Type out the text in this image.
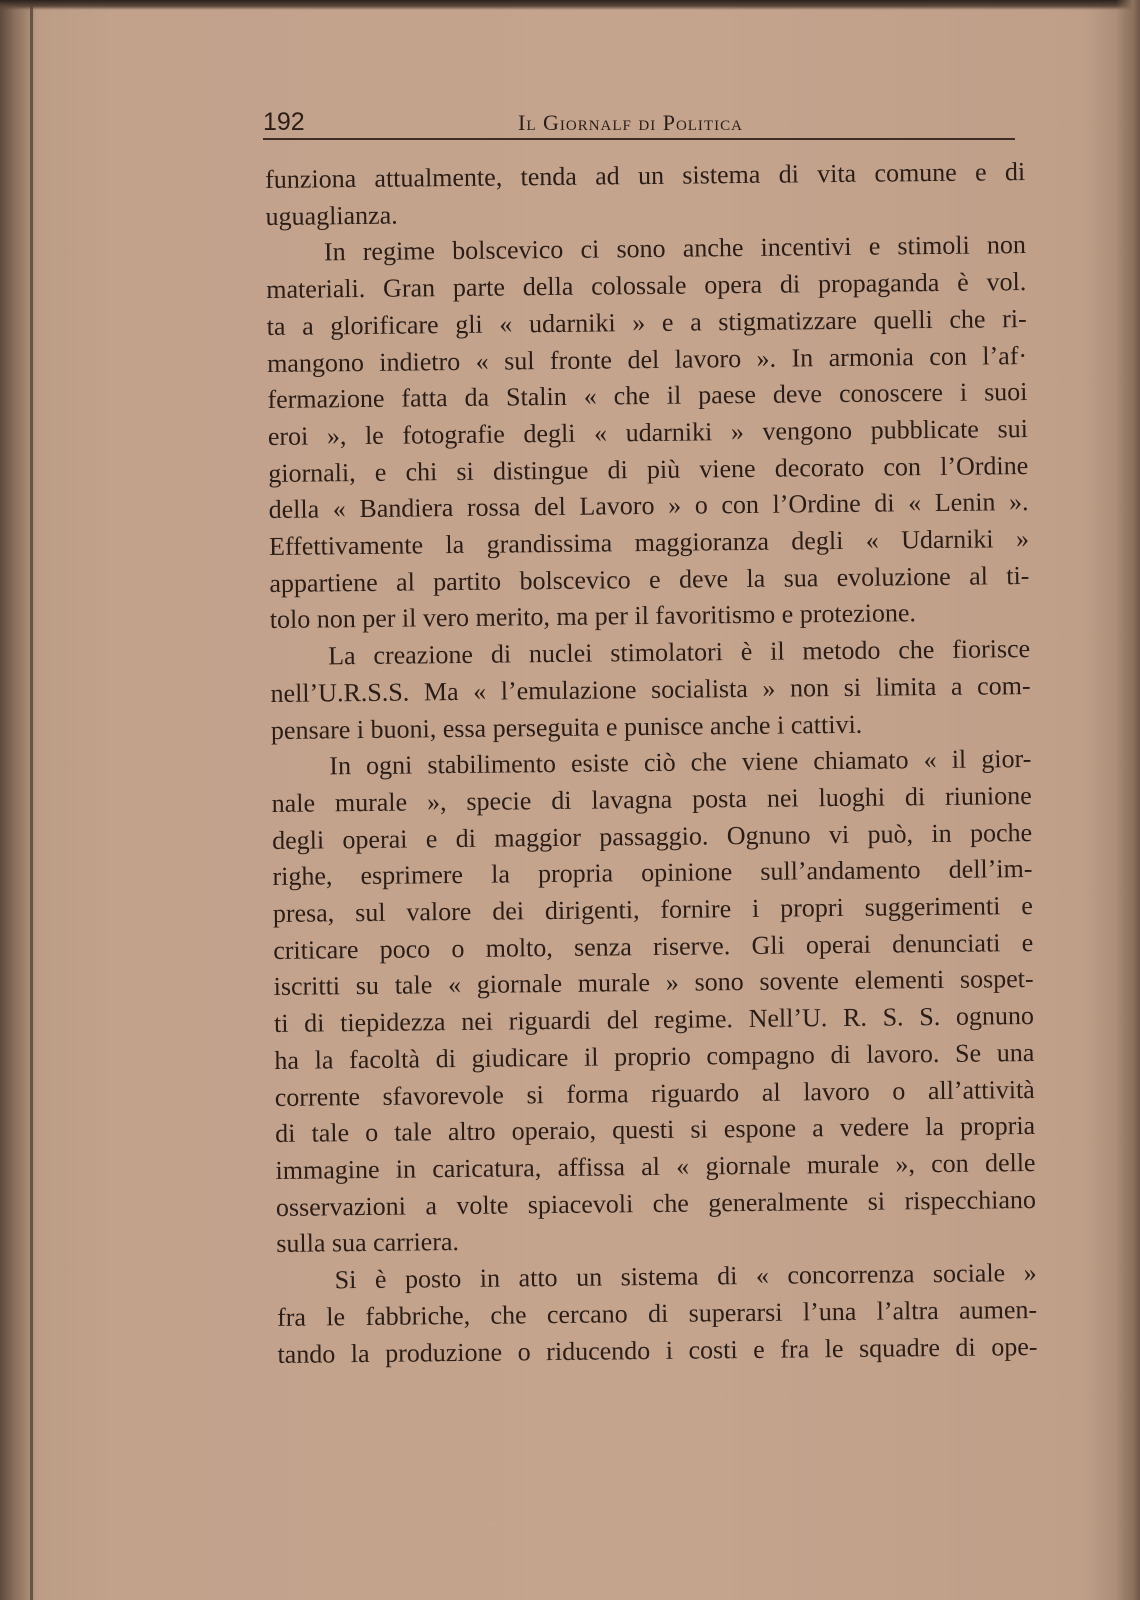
192	Il Giornalf di Politica
funziona attualmente, tenda ad un sistema di vita comune e di
uguaglianza.
In regime bolscevico ci sono anche incentivi e stimoli non
materiali. Gran parte della colossale opera di propaganda è vol.
ta a glorificare gli « udarniki » e a stigmatizzare quelli che ri-
mangono indietro « sul fronte del lavoro ». In armonia con l’af·
fermazione fatta da Stalin « che il paese deve conoscere i suoi
eroi », le fotografie degli « udarniki » vengono pubblicate sui
giornali, e chi si distingue di più viene decorato con l’Ordine
della « Bandiera rossa del Lavoro » o con l’Ordine di « Lenin ».
Effettivamente la grandissima maggioranza degli « Udarniki »
appartiene al partito bolscevico e deve la sua evoluzione al ti-
tolo non per il vero merito, ma per il favoritismo e protezione.
La creazione di nuclei stimolatori è il metodo che fiorisce
nell’U.R.S.S. Ma « l’emulazione socialista » non si limita a com-
pensare i buoni, essa perseguita e punisce anche i cattivi.
In ogni stabilimento esiste ciò che viene chiamato « il gior-
nale murale », specie di lavagna posta nei luoghi di riunione
degli operai e di maggior passaggio. Ognuno vi può, in poche
righe, esprimere la propria opinione sull’andamento dell’im-
presa, sul valore dei dirigenti, fornire i propri suggerimenti e
criticare poco o molto, senza riserve. Gli operai denunciati e
iscritti su tale « giornale murale » sono sovente elementi sospet-
ti di tiepidezza nei riguardi del regime. Nell’U. R. S. S. ognuno
ha la facoltà di giudicare il proprio compagno di lavoro. Se una
corrente sfavorevole si forma riguardo al lavoro o all’attività
di tale o tale altro operaio, questi si espone a vedere la propria
immagine in caricatura, affissa al « giornale murale », con delle
osservazioni a volte spiacevoli che generalmente si rispecchiano
sulla sua carriera.
Si è posto in atto un sistema di « concorrenza sociale »
fra le fabbriche, che cercano di superarsi l’una l’altra aumen-
tando la produzione o riducendo i costi e fra le squadre di ope-
